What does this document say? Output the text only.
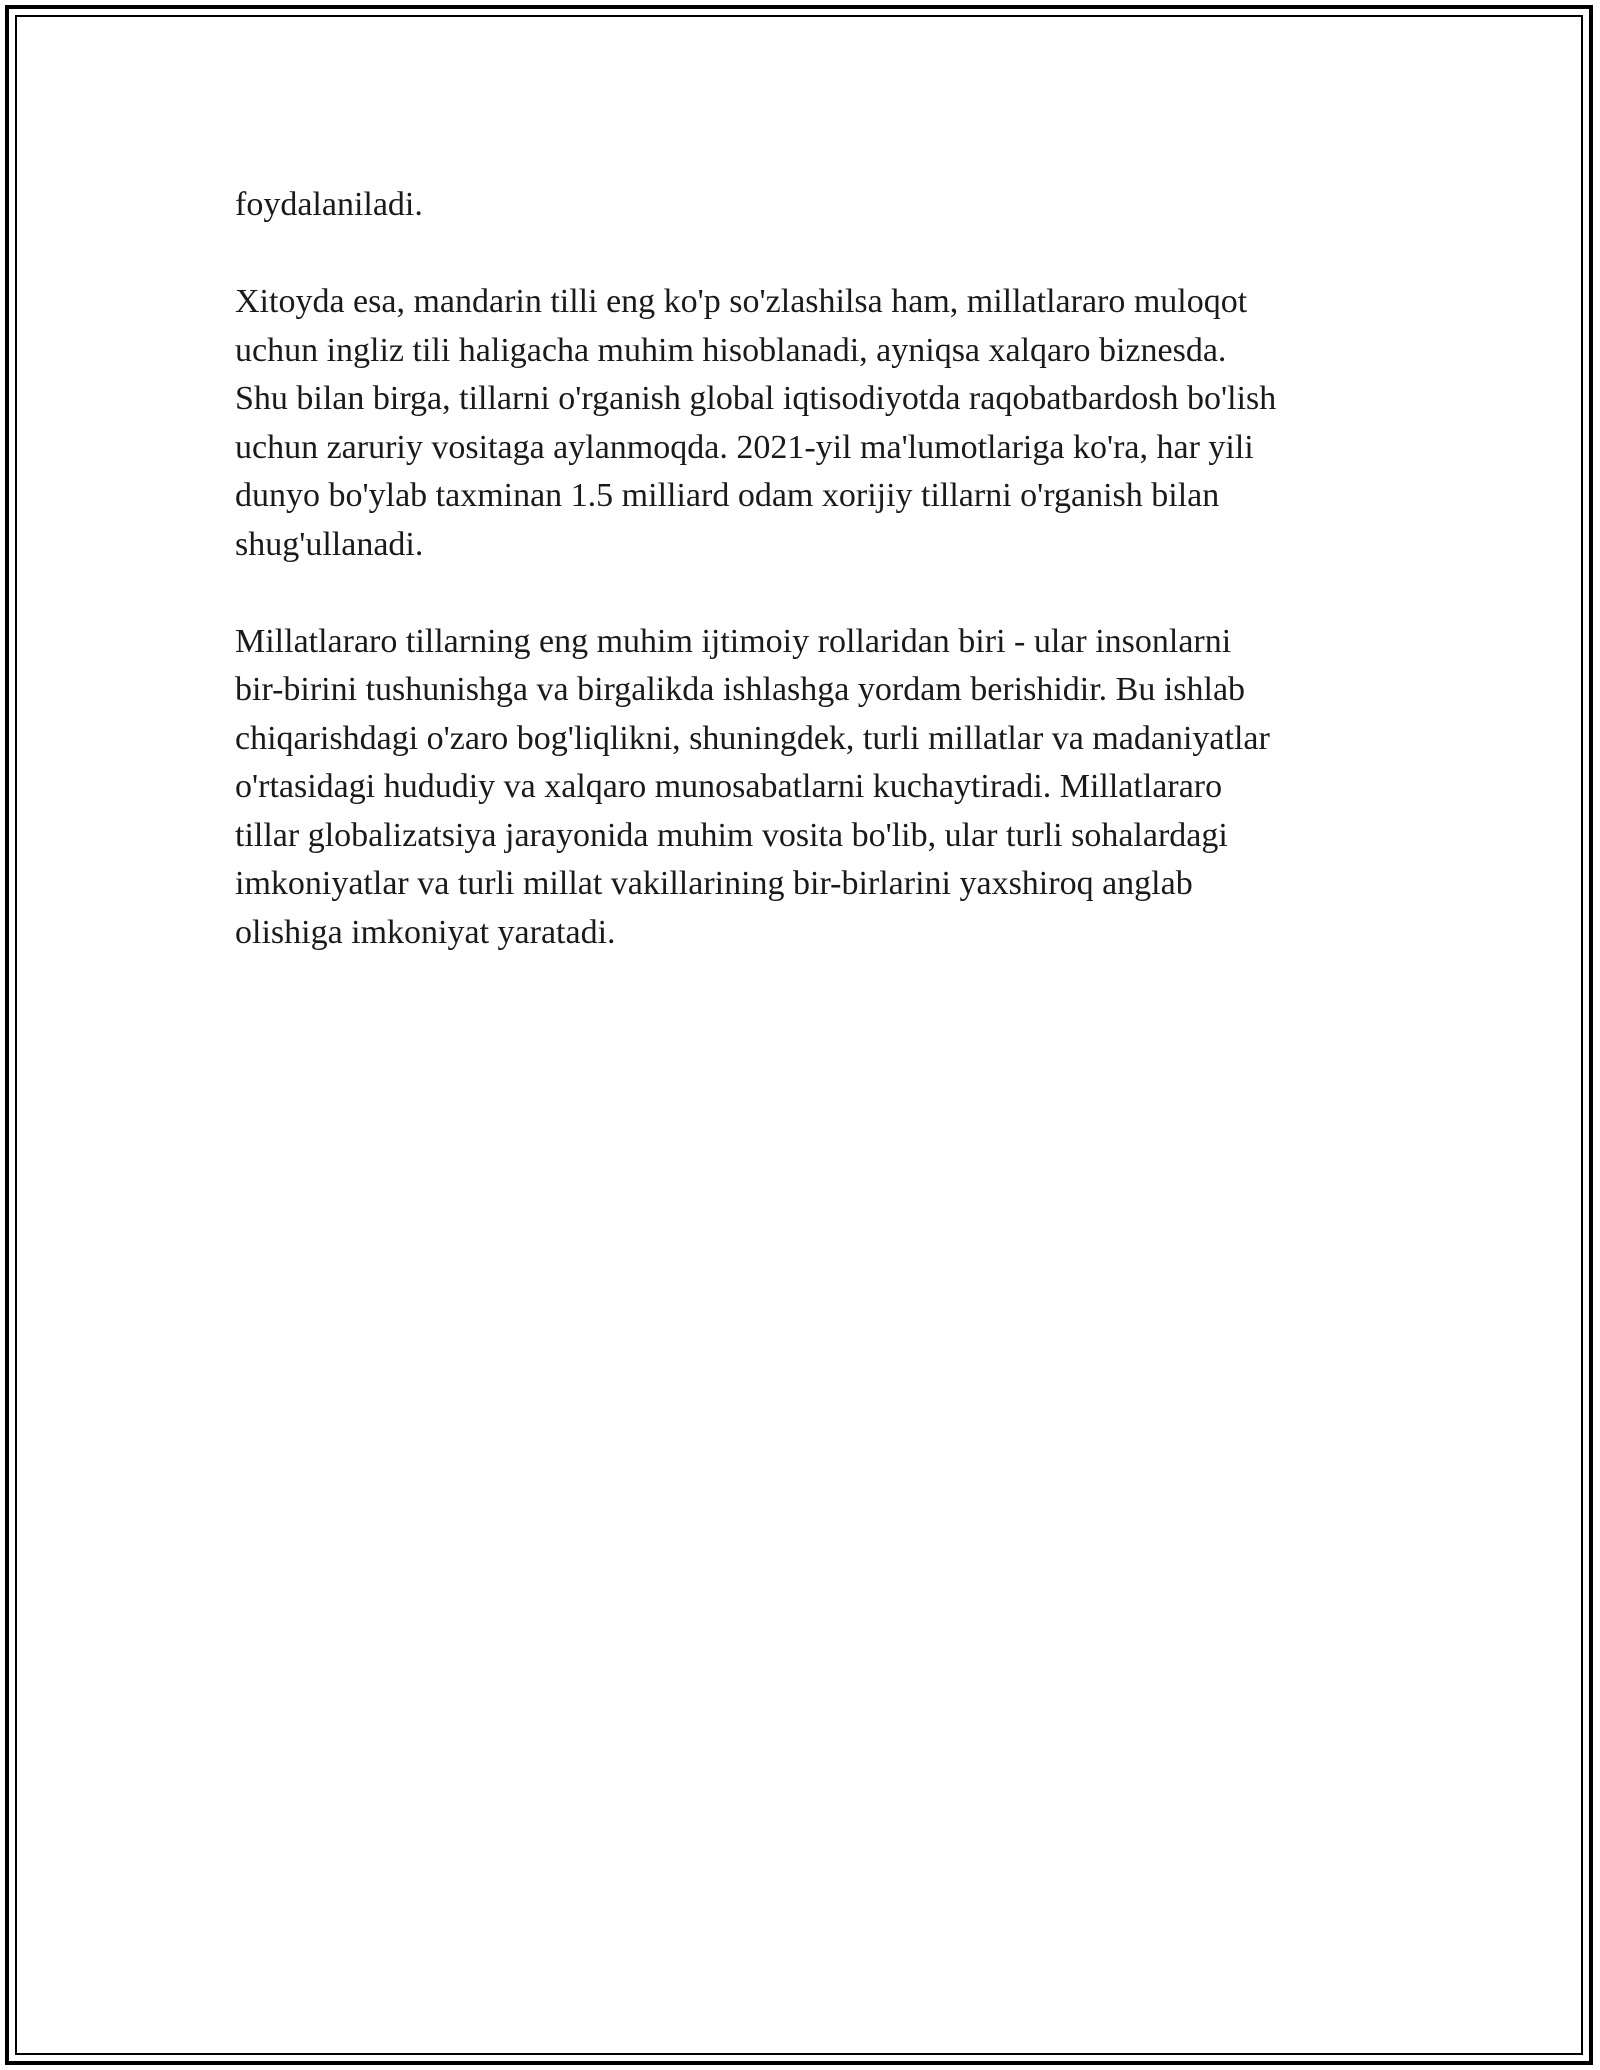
foydalaniladi.

Xitoyda esa, mandarin tilli eng ko'p so'zlashilsa ham, millatlararo muloqot
uchun ingliz tili haligacha muhim hisoblanadi, ayniqsa xalqaro biznesda.
Shu bilan birga, tillarni o'rganish global iqtisodiyotda raqobatbardosh bo'lish
uchun zaruriy vositaga aylanmoqda. 2021-yil ma'lumotlariga ko'ra, har yili
dunyo bo'ylab taxminan 1.5 milliard odam xorijiy tillarni o'rganish bilan
shug'ullanadi.

Millatlararo tillarning eng muhim ijtimoiy rollaridan biri - ular insonlarni
bir-birini tushunishga va birgalikda ishlashga yordam berishidir. Bu ishlab
chiqarishdagi o'zaro bog'liqlikni, shuningdek, turli millatlar va madaniyatlar
o'rtasidagi hududiy va xalqaro munosabatlarni kuchaytiradi. Millatlararo
tillar globalizatsiya jarayonida muhim vosita bo'lib, ular turli sohalardagi
imkoniyatlar va turli millat vakillarining bir-birlarini yaxshiroq anglab
olishiga imkoniyat yaratadi.
